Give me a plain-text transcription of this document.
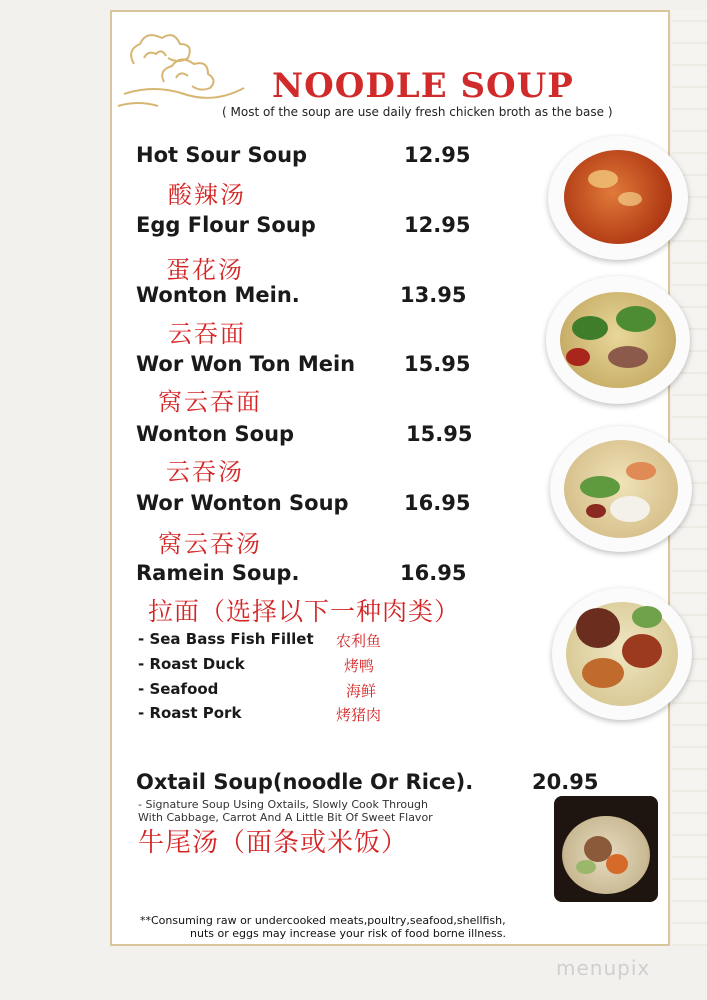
NOODLE SOUP
( Most of the soup are use daily fresh chicken broth as the base )
Hot Sour Soup	12.95
酸辣汤
Egg Flour Soup	12.95
蛋花汤
Wonton Mein.	13.95
云吞面
Wor Won Ton Mein 15.95
窝云吞面
Wonton Soup	15.95
云吞汤
Wor Wonton Soup	16.95
窝云吞汤
Ramein Soup.	16.95
拉面（选择以下一种肉类）
- Sea Bass Fish Fillet 农利鱼
- Roast Duck	烤鸭
- Seafood	海鲜
- Roast Pork	烤猪肉
Oxtail Soup(noodle Or Rice).	20.95
- Signature Soup Using Oxtails, Slowly Cook Through
With Cabbage, Carrot And A Little Bit Of Sweet Flavor
牛尾汤（面条或米饭）
**Consuming raw or undercooked meats,poultry,seafood,shellfish,
nuts or eggs may increase your risk of food borne illness.
menupix
